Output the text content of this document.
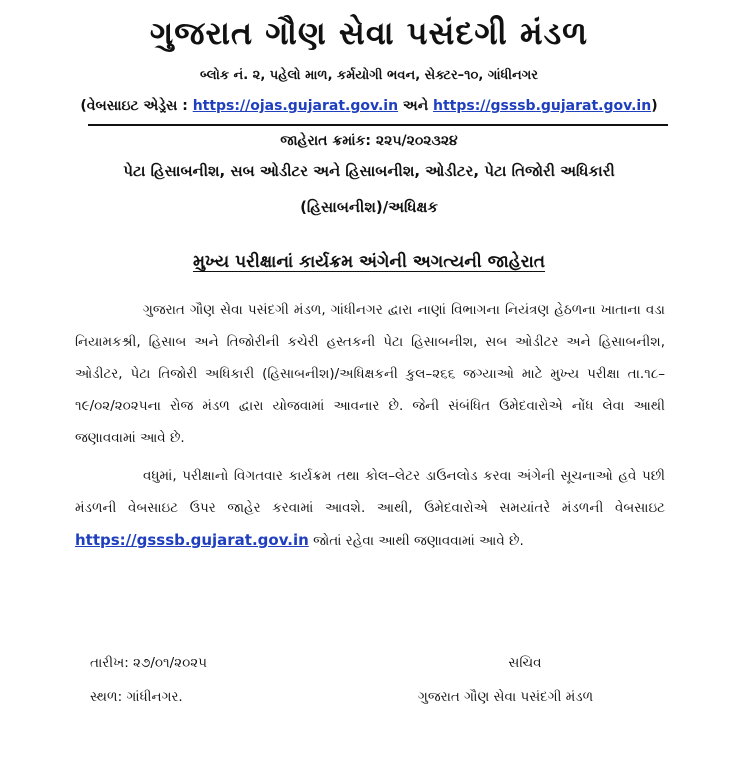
ગુજરાત ગૌણ સેવા પસંદગી મંડળ
બ્લોક નં. ૨, પહેલો માળ, કર્મયોગી ભવન, સેક્ટર–૧૦, ગાંધીનગર
(વેબસાઇટ એડ્રેસ : https://ojas.gujarat.gov.in અને https://gsssb.gujarat.gov.in)
જાહેરાત ક્રમાંક: ૨૨૫/૨૦૨૩૨૪
પેટા હિસાબનીશ, સબ ઓડીટર અને હિસાબનીશ, ઓડીટર, પેટા તિજોરી અધિકારી
(હિસાબનીશ)/અધિક્ષક
મુખ્ય પરીક્ષાનાં કાર્યક્રમ અંગેની અગત્યની જાહેરાત
ગુજરાત ગૌણ સેવા પસંદગી મંડળ, ગાંધીનગર દ્વારા નાણાં વિભાગના નિયંત્રણ હેઠળના ખાતાના વડા નિયામકશ્રી, હિસાબ અને તિજોરીની કચેરી હસ્તકની પેટા હિસાબનીશ, સબ ઓડીટર અને હિસાબનીશ, ઓડીટર, પેટા તિજોરી અધિકારી (હિસાબનીશ)/અધિક્ષકની કુલ–૨૬૬ જગ્યાઓ માટે મુખ્ય પરીક્ષા તા.૧૮–૧૯/૦૨/૨૦૨૫ના રોજ મંડળ દ્વારા યોજવામાં આવનાર છે. જેની સંબંધિત ઉમેદવારોએ નોંધ લેવા આથી જણાવવામાં આવે છે.
વધુમાં, પરીક્ષાનો વિગતવાર કાર્યક્રમ તથા કોલ–લેટર ડાઉનલોડ કરવા અંગેની સૂચનાઓ હવે પછી મંડળની વેબસાઇટ ઉપર જાહેર કરવામાં આવશે. આથી, ઉમેદવારોએ સમયાંતરે મંડળની વેબસાઇટ https://gsssb.gujarat.gov.in જોતાં રહેવા આથી જણાવવામાં આવે છે.
તારીખ: ૨૭/૦૧/૨૦૨૫
સ્થળ: ગાંધીનગર.
સચિવ
ગુજરાત ગૌણ સેવા પસંદગી મંડળ
